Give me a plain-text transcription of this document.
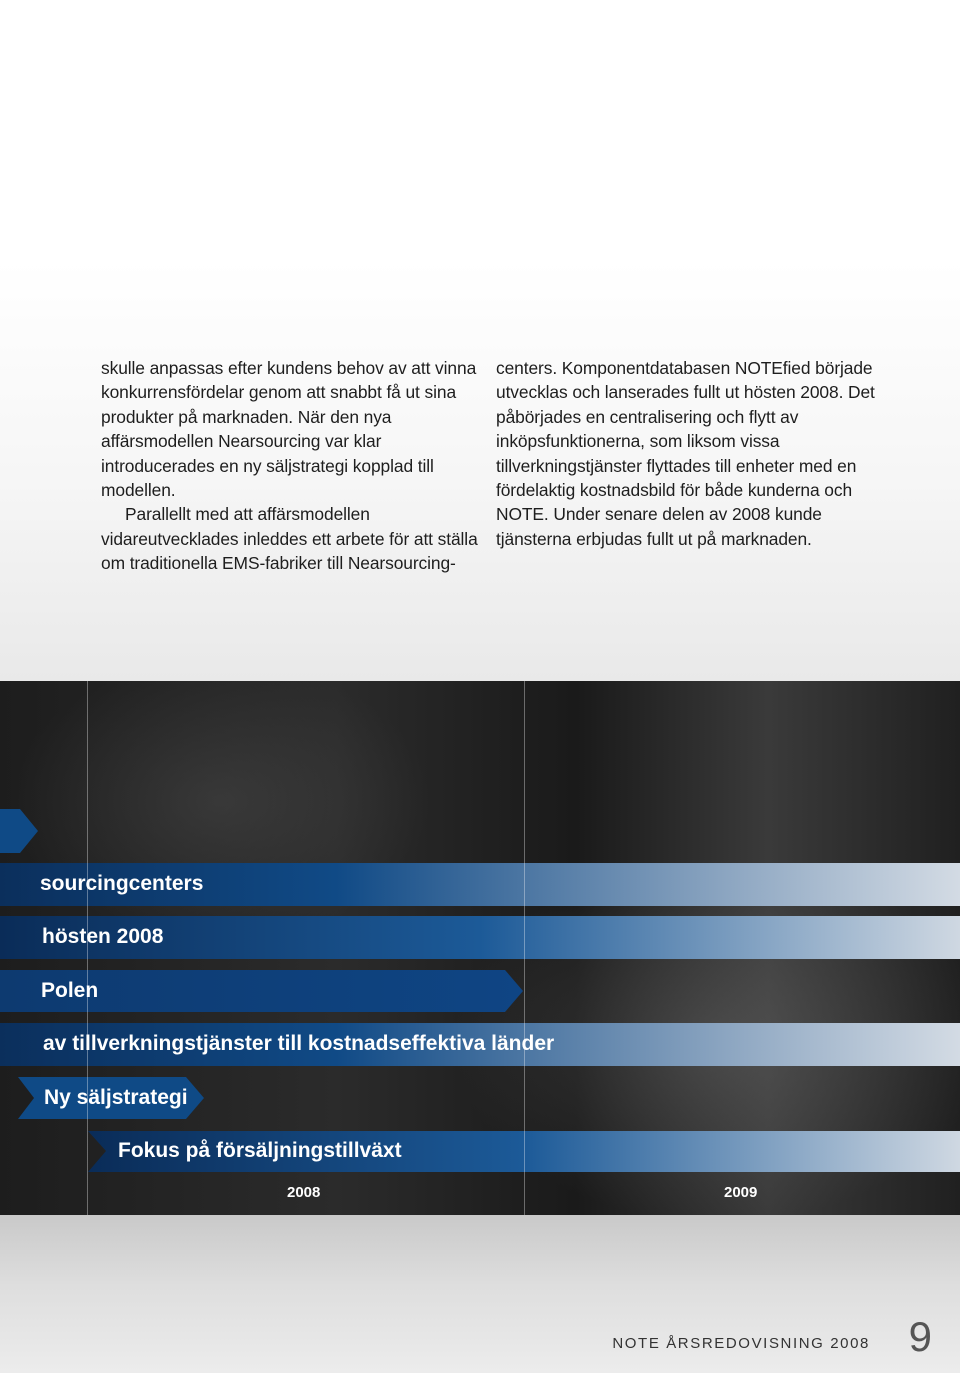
skulle anpassas efter kundens behov av att vinna konkurrensfördelar genom att snabbt få ut sina produkter på marknaden. När den nya affärsmodellen Nearsourcing var klar introducerades en ny säljstrategi kopplad till modellen.

Parallellt med att affärsmodellen vidareutvecklades inleddes ett arbete för att ställa om traditionella EMS-fabriker till Nearsourcing-

centers. Komponentdatabasen NOTEfied började utvecklas och lanserades fullt ut hösten 2008. Det påbörjades en centralisering och flytt av inköpsfunktionerna, som liksom vissa tillverkningstjänster flyttades till enheter med en fördelaktig kostnadsbild för både kunderna och NOTE. Under senare delen av 2008 kunde tjänsterna erbjudas fullt ut på marknaden.

sourcingcenters
hösten 2008
Polen
av tillverkningstjänster till kostnadseffektiva länder
Ny säljstrategi
Fokus på försäljningstillväxt
2008	2009
NOTE ÅRSREDOVISNING 2008 9
